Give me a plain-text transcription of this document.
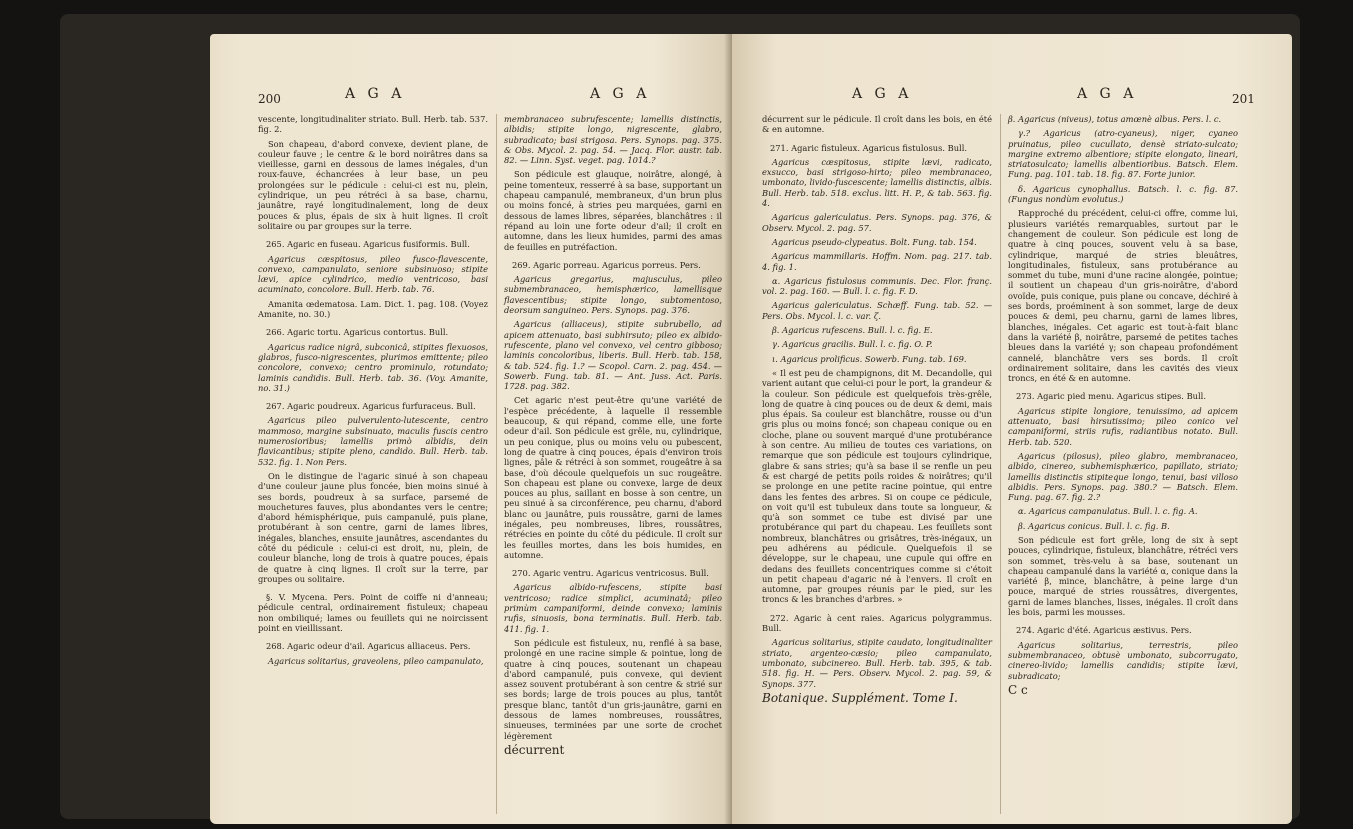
200	A G A	A G A

vescente, longitudinaliter striato. Bull. Herb. tab. 537. fig. 2.

Son chapeau, d'abord convexe, devient plane, de couleur fauve ; le centre & le bord noirâtres dans sa vieillesse, garni en dessous de lames inégales, d'un roux-fauve, échancrées à leur base, un peu prolongées sur le pédicule : celui-ci est nu, plein, cylindrique, un peu rétréci à sa base, charnu, jaunâtre, rayé longitudinalement, long de deux pouces & plus, épais de six à huit lignes. Il croît solitaire ou par groupes sur la terre.

265. Agaric en fuseau. Agaricus fusiformis. Bull.

Agaricus cæspitosus, pileo fusco-flavescente, convexo, campanulato, seniore subsinuoso; stipite lævi, apice cylindrico, medio ventricoso, basi acuminato, concolore. Bull. Herb. tab. 76.

Amanita œdematosa. Lam. Dict. 1. pag. 108. (Voyez Amanite, no. 30.)

266. Agaric tortu. Agaricus contortus. Bull.

Agaricus radice nigrâ, subconicâ, stipites flexuosos, glabros, fusco-nigrescentes, plurimos emittente; pileo concolore, convexo; centro prominulo, rotundato; laminis candidis. Bull. Herb. tab. 36. (Voy. Amanite, no. 31.)

267. Agaric poudreux. Agaricus furfuraceus. Bull.

Agaricus pileo pulverulento-lutescente, centro mammoso, margine subsinuato, maculis fuscis centro numerosioribus; lamellis primò albidis, dein flavicantibus; stipite pleno, candido. Bull. Herb. tab. 532. fig. 1. Non Pers.

On le distingue de l'agaric sinué à son chapeau d'une couleur jaune plus foncée, bien moins sinué à ses bords, poudreux à sa surface, parsemé de mouchetures fauves, plus abondantes vers le centre; d'abord hémisphérique, puis campanulé, puis plane, protubérant à son centre, garni de lames libres, inégales, blanches, ensuite jaunâtres, ascendantes du côté du pédicule : celui-ci est droit, nu, plein, de couleur blanche, long de trois à quatre pouces, épais de quatre à cinq lignes. Il croît sur la terre, par groupes ou solitaire.

§. V. Mycena. Pers. Point de coiffe ni d'anneau; pédicule central, ordinairement fistuleux; chapeau non ombiliqué; lames ou feuillets qui ne noircissent point en vieillissant.

268. Agaric odeur d'ail. Agaricus alliaceus. Pers.

Agaricus solitarius, graveolens, pileo campanulato,

membranaceo subrufescente; lamellis distinctis, albidis; stipite longo, nigrescente, glabro, subradicato; basi strigosa. Pers. Synops. pag. 375. & Obs. Mycol. 2. pag. 54. — Jacq. Flor. austr. tab. 82. — Linn. Syst. veget. pag. 1014.?

Son pédicule est glauque, noirâtre, alongé, à peine tomenteux, resserré à sa base, supportant un chapeau campanulé, membraneux, d'un brun plus ou moins foncé, à stries peu marquées, garni en dessous de lames libres, séparées, blanchâtres : il répand au loin une forte odeur d'ail; il croît en automne, dans les lieux humides, parmi des amas de feuilles en putréfaction.

269. Agaric porreau. Agaricus porreus. Pers.

Agaricus gregarius, majusculus, pileo submembranaceo, hemisphærico, lamellisque flavescentibus; stipite longo, subtomentoso, deorsum sanguineo. Pers. Synops. pag. 376.

Agaricus (alliaceus), stipite subrubello, ad apicem attenuato, basi subhirsuto; pileo ex albido-rufescente, plano vel convexo, vel centro gibboso; laminis concoloribus, liberis. Bull. Herb. tab. 158, & tab. 524. fig. 1.? — Scopol. Carn. 2. pag. 454. — Sowerb. Fung. tab. 81. — Ant. Juss. Act. Paris. 1728. pag. 382.

Cet agaric n'est peut-être qu'une variété de l'espèce précédente, à laquelle il ressemble beaucoup, & qui répand, comme elle, une forte odeur d'ail. Son pédicule est grêle, nu, cylindrique, un peu conique, plus ou moins velu ou pubescent, long de quatre à cinq pouces, épais d'environ trois lignes, pâle & rétréci à son sommet, rougeâtre à sa base, d'où découle quelquefois un suc rougeâtre. Son chapeau est plane ou convexe, large de deux pouces au plus, saillant en bosse à son centre, un peu sinué à sa circonférence, peu charnu, d'abord blanc ou jaunâtre, puis roussâtre, garni de lames inégales, peu nombreuses, libres, roussâtres, rétrécies en pointe du côté du pédicule. Il croît sur les feuilles mortes, dans les bois humides, en automne.

270. Agaric ventru. Agaricus ventricosus. Bull.

Agaricus albido-rufescens, stipite basi ventricoso; radice simplici, acuminatâ; pileo primùm campaniformi, deinde convexo; laminis rufis, sinuosis, bona terminatis. Bull. Herb. tab. 411. fig. 1.

Son pédicule est fistuleux, nu, renflé à sa base, prolongé en une racine simple & pointue, long de quatre à cinq pouces, soutenant un chapeau d'abord campanulé, puis convexe, qui devient assez souvent protubérant à son centre & strié sur ses bords; large de trois pouces au plus, tantôt presque blanc, tantôt d'un gris-jaunâtre, garni en dessous de lames nombreuses, roussâtres, sinueuses, terminées par une sorte de crochet légèrement

décurrent

A G A	A G A	201

décurrent sur le pédicule. Il croît dans les bois, en été & en automne.

271. Agaric fistuleux. Agaricus fistulosus. Bull.

Agaricus cæspitosus, stipite lævi, radicato, exsucco, basi strigoso-hirto; pileo membranaceo, umbonato, livido-fuscescente; lamellis distinctis, albis. Bull. Herb. tab. 518. exclus. litt. H. P., & tab. 563. fig. 4.

Agaricus galericulatus. Pers. Synops. pag. 376, & Observ. Mycol. 2. pag. 57.

Agaricus pseudo-clypeatus. Bolt. Fung. tab. 154.

Agaricus mammillaris. Hoffm. Nom. pag. 217. tab. 4. fig. 1.

α. Agaricus fistulosus communis. Dec. Flor. franç. vol. 2. pag. 160. — Bull. l. c. fig. F. D.

Agaricus galericulatus. Schæff. Fung. tab. 52. — Pers. Obs. Mycol. l. c. var. ζ.

β. Agaricus rufescens. Bull. l. c. fig. E.

γ. Agaricus gracilis. Bull. l. c. fig. O. P.

ι. Agaricus prolificus. Sowerb. Fung. tab. 169.

« Il est peu de champignons, dit M. Decandolle, qui varient autant que celui-ci pour le port, la grandeur & la couleur. Son pédicule est quelquefois très-grêle, long de quatre à cinq pouces ou de deux & demi, mais plus épais. Sa couleur est blanchâtre, rousse ou d'un gris plus ou moins foncé; son chapeau conique ou en cloche, plane ou souvent marqué d'une protubérance à son centre. Au milieu de toutes ces variations, on remarque que son pédicule est toujours cylindrique, glabre & sans stries; qu'à sa base il se renfle un peu & est chargé de petits poils roides & noirâtres; qu'il se prolonge en une petite racine pointue, qui entre dans les fentes des arbres. Si on coupe ce pédicule, on voit qu'il est tubuleux dans toute sa longueur, & qu'à son sommet ce tube est divisé par une protubérance qui part du chapeau. Les feuillets sont nombreux, blanchâtres ou grisâtres, très-inégaux, un peu adhérens au pédicule. Quelquefois il se développe, sur le chapeau, une cupule qui offre en dedans des feuillets concentriques comme si c'étoit un petit chapeau d'agaric né à l'envers. Il croît en automne, par groupes réunis par le pied, sur les troncs & les branches d'arbres. »

272. Agaric à cent raies. Agaricus polygrammus. Bull.

Agaricus solitarius, stipite caudato, longitudinaliter striato, argenteo-cæsio; pileo campanulato, umbonato, subcinereo. Bull. Herb. tab. 395, & tab. 518. fig. H. — Pers. Observ. Mycol. 2. pag. 59, & Synops. 377.

Botanique. Supplément. Tome I.

β. Agaricus (niveus), totus amœnè albus. Pers. l. c.

γ.? Agaricus (atro-cyaneus), niger, cyaneo pruinatus, pileo cucullato, densè striato-sulcato; margine extremo albentiore; stipite elongato, lineari, striatosulcato; lamellis albentioribus. Batsch. Elem. Fung. pag. 101. tab. 18. fig. 87. Forte junior.

δ. Agaricus cynophallus. Batsch. l. c. fig. 87. (Fungus nondùm evolutus.)

Rapproché du précédent, celui-ci offre, comme lui, plusieurs variétés remarquables, surtout par le changement de couleur. Son pédicule est long de quatre à cinq pouces, souvent velu à sa base, cylindrique, marqué de stries bleuâtres, longitudinales, fistuleux, sans protubérance au sommet du tube, muni d'une racine alongée, pointue; il soutient un chapeau d'un gris-noirâtre, d'abord ovoïde, puis conique, puis plane ou concave, déchiré à ses bords, proéminent à son sommet, large de deux pouces & demi, peu charnu, garni de lames libres, blanches, inégales. Cet agaric est tout-à-fait blanc dans la variété β, noirâtre, parsemé de petites taches bleues dans la variété γ; son chapeau profondément cannelé, blanchâtre vers ses bords. Il croît ordinairement solitaire, dans les cavités des vieux troncs, en été & en automne.

273. Agaric pied menu. Agaricus stipes. Bull.

Agaricus stipite longiore, tenuissimo, ad apicem attenuato, basi hirsutissimo; pileo conico vel campaniformi, striis rufis, radiantibus notato. Bull. Herb. tab. 520.

Agaricus (pilosus), pileo glabro, membranaceo, albido, cinereo, subhemisphærico, papillato, striato; lamellis distinctis stipiteque longo, tenui, basi villoso albidis. Pers. Synops. pag. 380.? — Batsch. Elem. Fung. pag. 67. fig. 2.?

α. Agaricus campanulatus. Bull. l. c. fig. A.

β. Agaricus conicus. Bull. l. c. fig. B.

Son pédicule est fort grêle, long de six à sept pouces, cylindrique, fistuleux, blanchâtre, rétréci vers son sommet, très-velu à sa base, soutenant un chapeau campanulé dans la variété α, conique dans la variété β, mince, blanchâtre, à peine large d'un pouce, marqué de stries roussâtres, divergentes, garni de lames blanches, lisses, inégales. Il croît dans les bois, parmi les mousses.

274. Agaric d'été. Agaricus æstivus. Pers.

Agaricus solitarius, terrestris, pileo submembranaceo, obtusè umbonato, subcorrugato, cinereo-livido; lamellis candidis; stipite lævi, subradicato;

C c
